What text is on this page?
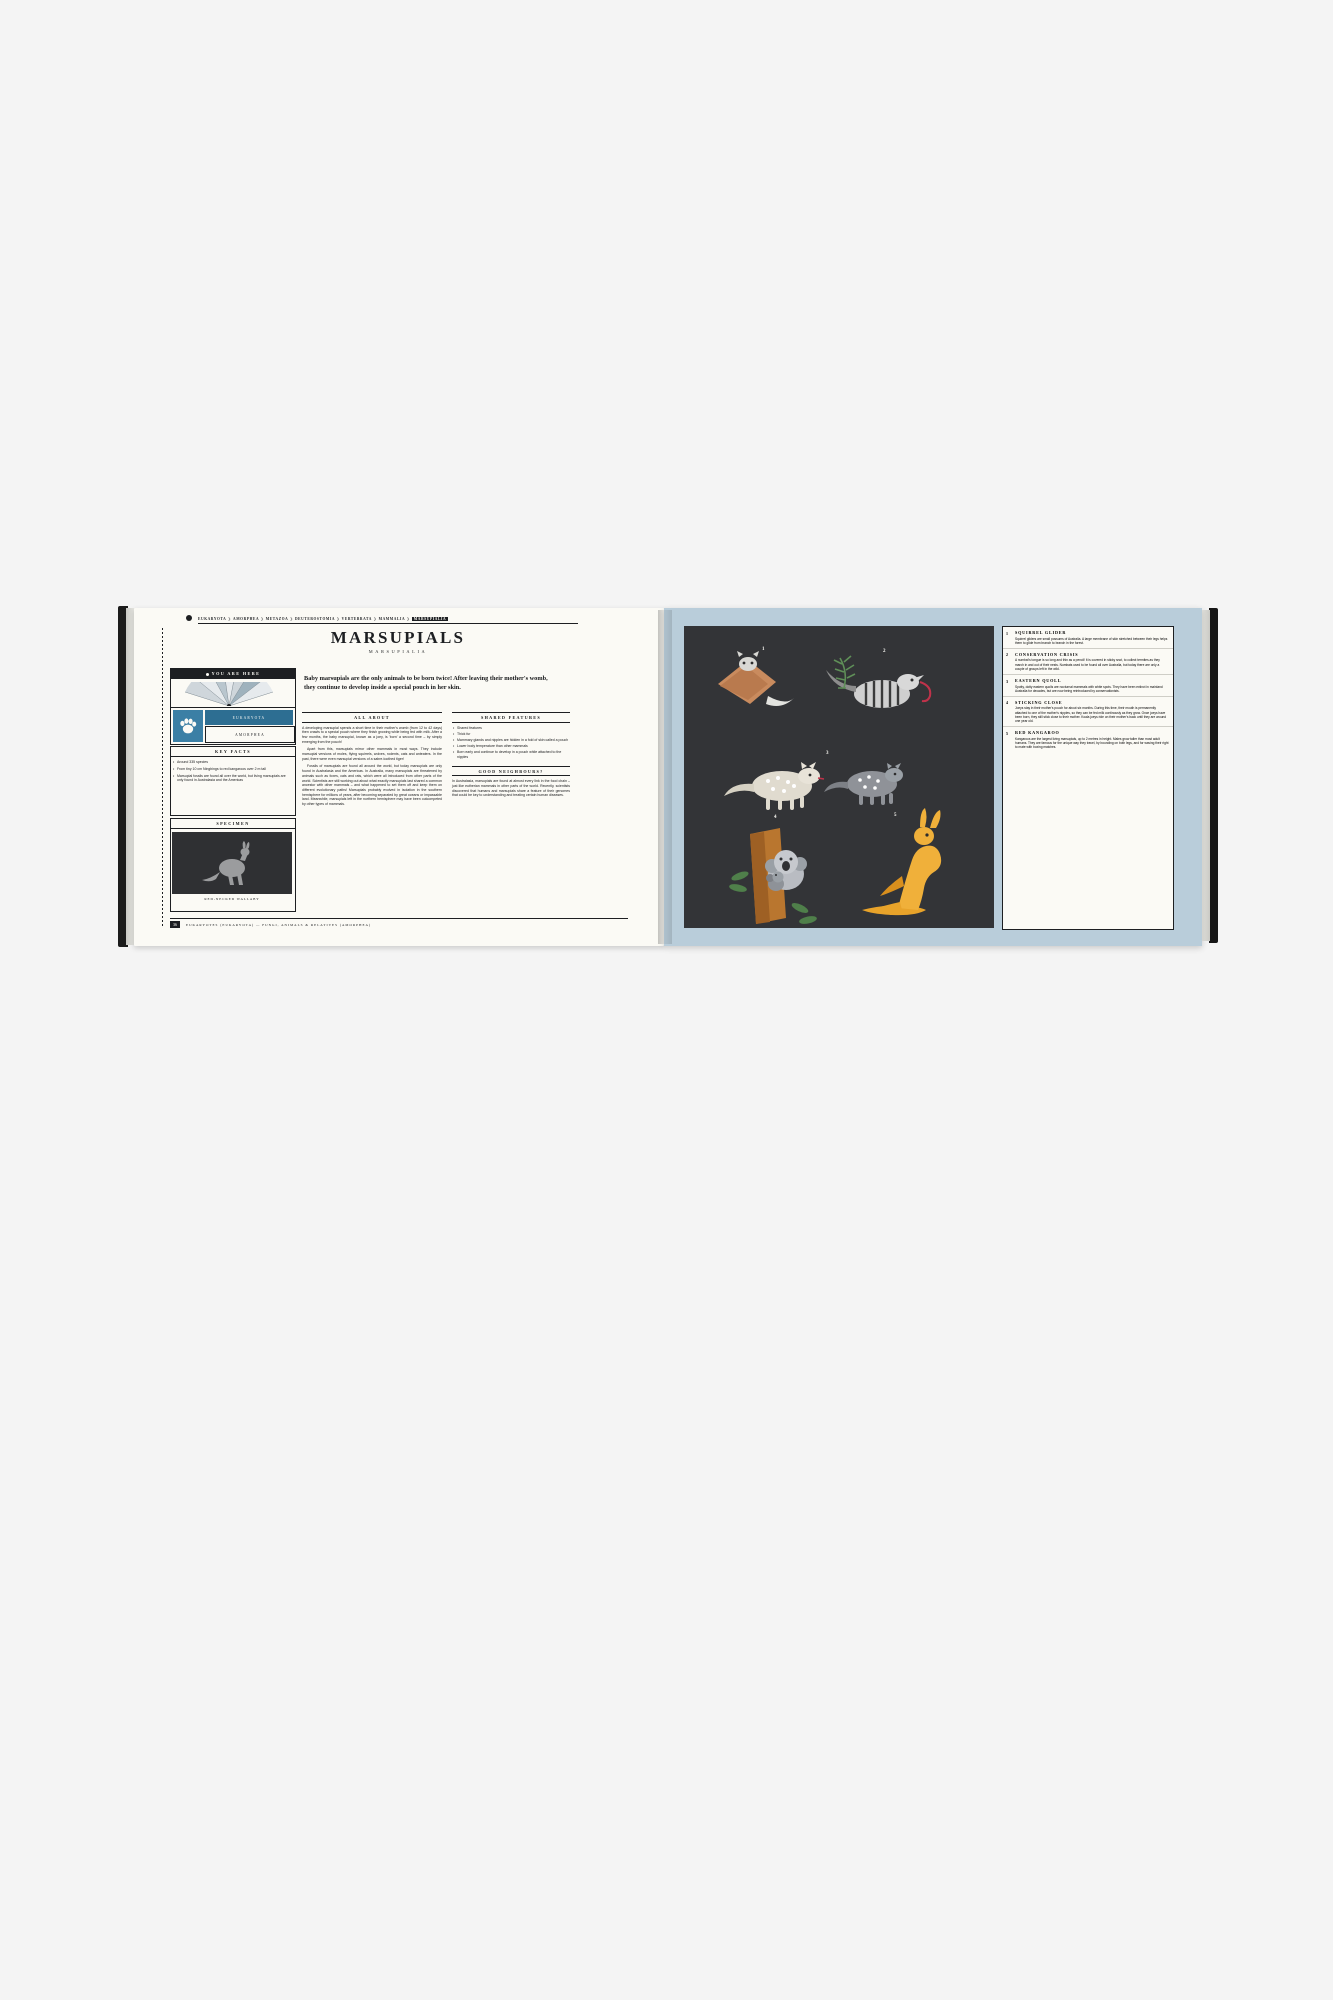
EUKARYOTA ❯ AMORPHEA ❯ METAZOA ❯ DEUTEROSTOMIA ❯ VERTEBRATA ❯ MAMMALIA ❯ MARSUPIALIA
MARSUPIALS
MARSUPIALIA
Baby marsupials are the only animals to be born twice! After leaving their mother's womb, they continue to develop inside a special pouch in her skin.
YOU ARE HERE
EUKARYOTA
AMORPHEA
KEY FACTS
• Around 335 species
• From tiny 10 cm Ningbings to red kangaroos over 2 m tall
• Marsupial fossils are found all over the world, but living marsupials are only found in Australasia and the Americas
SPECIMEN
RED-NECKED WALLABY
ALL ABOUT

A developing marsupial spends a short time in their mother's womb (from 12 to 42 days) then crawls to a special pouch where they finish growing while being fed with milk. After a few months, the baby marsupial, known as a joey, is 'born' a second time – by simply emerging from the pouch!

Apart from this, marsupials mirror other mammals in most ways. They include marsupial versions of moles, flying squirrels, wolves, rodents, cats and anteaters. In the past, there were even marsupial versions of a sabre-toothed tiger!

Fossils of marsupials are found all around the world, but today marsupials are only found in Australasia and the Americas. In Australia, many marsupials are threatened by animals such as foxes, cats and rats, which were all introduced from other parts of the world. Scientists are still working out about what exactly marsupials last shared a common ancestor with other mammals – and what happened to set them off and keep them on different evolutionary paths! Marsupials probably evolved in isolation in the southern hemisphere for millions of years, after becoming separated by great oceans or impassable land. Meanwhile, marsupials left in the northern hemisphere may have been outcompeted by other types of mammals.

SHARED FEATURES
• Shared features
• Thick fur
• Mammary glands and nipples are hidden in a fold of skin called a pouch
• Lower body temperature than other mammals
• Born early and continue to develop in a pouch while attached to the nipples
GOOD NEIGHBOURS?

In Australasia, marsupials are found at almost every link in the food chain – just like eutherian mammals in other parts of the world. Recently, scientists discovered that humans and marsupials share a feature of their genomes that could be key to understanding and treating certain human diseases.

36	EUKARYOTES (EUKARYOTA) — FUNGI, ANIMALS & RELATIVES (AMORPHEA)
1	2
3
4	5
1 SQUIRREL GLIDER

Squirrel gliders are small possums of Australia. A large membrane of skin stretched between their legs helps them to glide from branch to branch in the forest.

2 CONSERVATION CRISIS

A numbat's tongue is so long and thin as a pencil! It is covered in sticky snot, to collect termites as they march in and out of their nests. Numbats used to be found all over Australia, but today there are only a couple of groups left in the wild.

3 EASTERN QUOLL

Spotty, dotty eastern quolls are nocturnal mammals with white spots. They have been extinct in mainland Australia for decades, but are now being reintroduced by conservationists.

4 STICKING CLOSE

Joeys stay in their mother's pouch for about six months. During this time, their mouth is permanently attached to one of the mother's nipples, so they can be fed milk continously as they grow. Once joeys have been born, they still stick close to their mother. Koala joeys ride on their mother's back until they are around one year old.

5 RED KANGAROO

Kangaroos are the largest living marsupials, up to 2 metres in height. Males grow taller than most adult humans. They are famous for the unique way they travel, by bounding on both legs, and for waving their right to mate with boxing matches.
